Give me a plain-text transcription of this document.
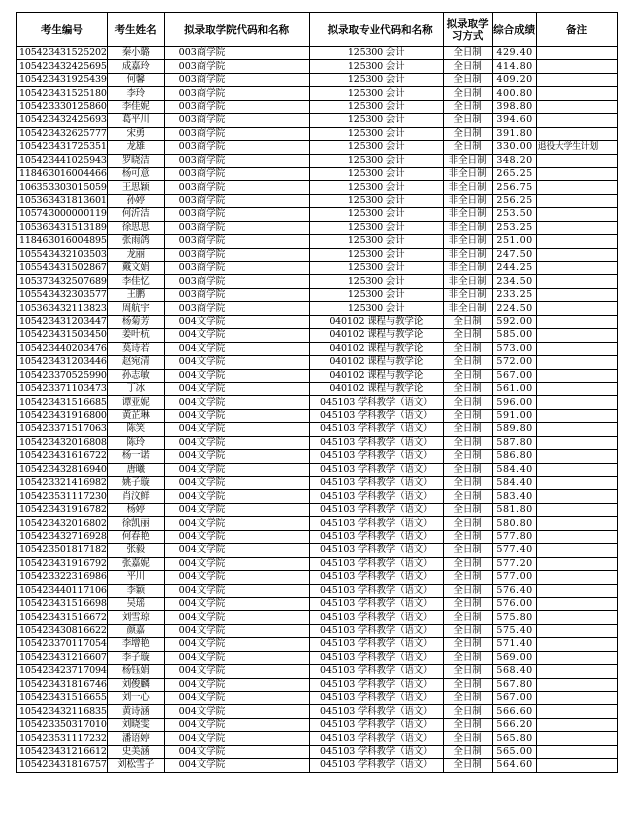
考生编号	考生姓名	拟录取学院代码和名称	拟录取专业代码和名称	拟录取学习方式	综合成绩	备注
105423431525202	秦小璐	003商学院	125300 会计	全日制	429.40	
105423432425695	成嘉玲	003商学院	125300 会计	全日制	414.80	
105423431925439	何馨	003商学院	125300 会计	全日制	409.20	
105423431525180	李玲	003商学院	125300 会计	全日制	400.80	
105423330125860	李佳妮	003商学院	125300 会计	全日制	398.80	
105423432425693	葛平川	003商学院	125300 会计	全日制	394.60	
105423432625777	宋勇	003商学院	125300 会计	全日制	391.80	
105423431725351	龙雄	003商学院	125300 会计	全日制	330.00	退役大学生计划
105423441025943	罗晓洁	003商学院	125300 会计	非全日制	348.20	
118463016004466	杨可意	003商学院	125300 会计	非全日制	265.25	
106353303015059	王思颖	003商学院	125300 会计	非全日制	256.75	
105363431813601	孙婷	003商学院	125300 会计	非全日制	256.25	
105743000000119	何沂洁	003商学院	125300 会计	非全日制	253.50	
105363431513189	徐思思	003商学院	125300 会计	非全日制	253.25	
118463016004895	张雨鸽	003商学院	125300 会计	非全日制	251.00	
105543432103503	龙丽	003商学院	125300 会计	非全日制	247.50	
105543431502867	戴文娟	003商学院	125300 会计	非全日制	244.25	
105373432507689	李佳忆	003商学院	125300 会计	非全日制	234.50	
105543432303577	王鹏	003商学院	125300 会计	非全日制	233.25	
105363432113823	周航宇	003商学院	125300 会计	非全日制	224.50	
105423431203447	杨菊芳	004文学院	040102 课程与教学论	全日制	592.00	
105423431503450	姜叶杭	004文学院	040102 课程与教学论	全日制	585.00	
105423440203476	莫诗若	004文学院	040102 课程与教学论	全日制	573.00	
105423431203446	赵宛清	004文学院	040102 课程与教学论	全日制	572.00	
105423370525990	孙志敏	004文学院	040102 课程与教学论	全日制	567.00	
105423371103473	丁冰	004文学院	040102 课程与教学论	全日制	561.00	
105423431516685	谭亚妮	004文学院	045103 学科教学（语文）	全日制	596.00	
105423431916800	黄芷琳	004文学院	045103 学科教学（语文）	全日制	591.00	
105423371517063	陈笑	004文学院	045103 学科教学（语文）	全日制	589.80	
105423432016808	陈玲	004文学院	045103 学科教学（语文）	全日制	587.80	
105423431616722	杨一诺	004文学院	045103 学科教学（语文）	全日制	586.80	
105423432816940	唐曦	004文学院	045103 学科教学（语文）	全日制	584.40	
105423321416982	姚子璇	004文学院	045103 学科教学（语文）	全日制	584.40	
105423531117230	肖汶鲜	004文学院	045103 学科教学（语文）	全日制	583.40	
105423431916782	杨婷	004文学院	045103 学科教学（语文）	全日制	581.80	
105423432016802	徐凯丽	004文学院	045103 学科教学（语文）	全日制	580.80	
105423432716928	何春艳	004文学院	045103 学科教学（语文）	全日制	577.80	
105423501817182	张毅	004文学院	045103 学科教学（语文）	全日制	577.40	
105423431916792	张嘉妮	004文学院	045103 学科教学（语文）	全日制	577.20	
105423322316986	平川	004文学院	045103 学科教学（语文）	全日制	577.00	
105423440117106	李颖	004文学院	045103 学科教学（语文）	全日制	576.40	
105423431516698	吴瑶	004文学院	045103 学科教学（语文）	全日制	576.00	
105423431516672	刘雪琼	004文学院	045103 学科教学（语文）	全日制	575.80	
105423430816622	颜嘉	004文学院	045103 学科教学（语文）	全日制	575.40	
105423370117054	李增艳	004文学院	045103 学科教学（语文）	全日制	571.40	
105423431216607	李子璇	004文学院	045103 学科教学（语文）	全日制	569.00	
105423423717094	杨钰娟	004文学院	045103 学科教学（语文）	全日制	568.40	
105423431816746	刘俊麟	004文学院	045103 学科教学（语文）	全日制	567.80	
105423431516655	刘一心	004文学院	045103 学科教学（语文）	全日制	567.00	
105423432116835	黄诗涵	004文学院	045103 学科教学（语文）	全日制	566.60	
105423350317010	刘晓雯	004文学院	045103 学科教学（语文）	全日制	566.20	
105423531117232	潘语婷	004文学院	045103 学科教学（语文）	全日制	565.80	
105423431216612	史美涵	004文学院	045103 学科教学（语文）	全日制	565.00	
105423431816757	刘松雪子	004文学院	045103 学科教学（语文）	全日制	564.60	
